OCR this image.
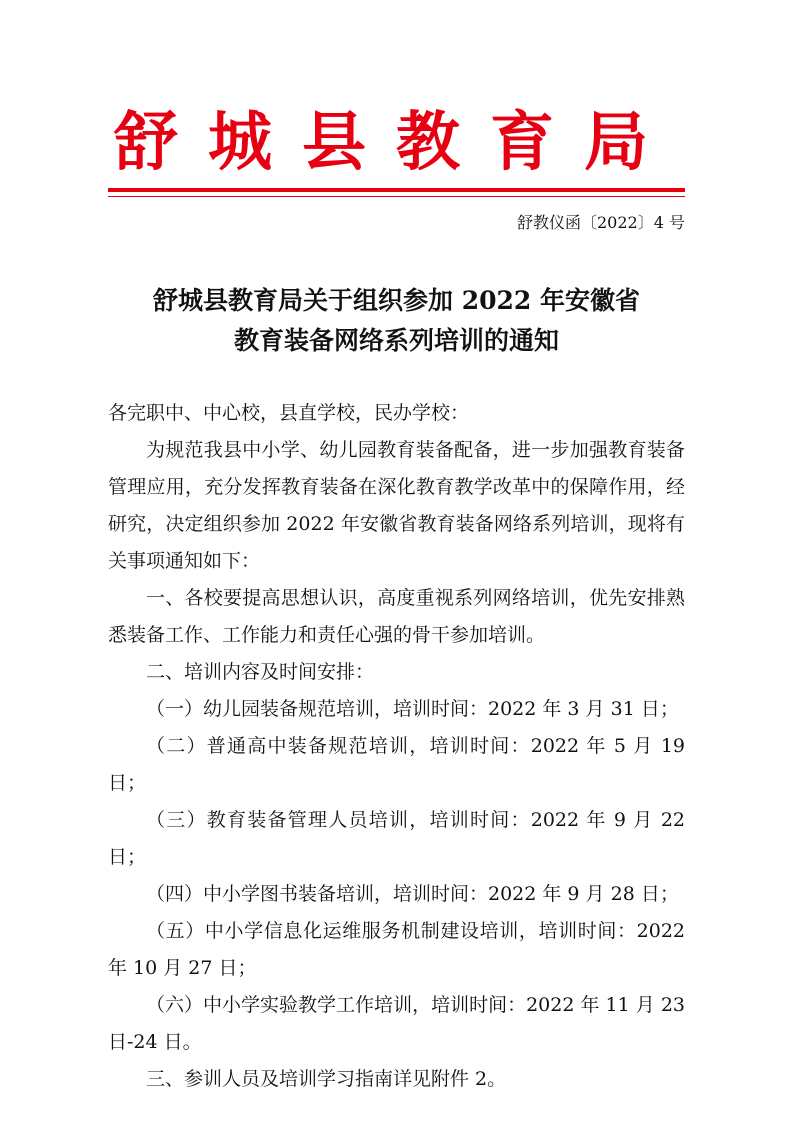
舒城县教育局
舒教仪函〔2022〕4 号
舒城县教育局关于组织参加 2022 年安徽省
教育装备网络系列培训的通知

各完职中、中心校，县直学校，民办学校：

为规范我县中小学、幼儿园教育装备配备，进一步加强教育装备管理应用，充分发挥教育装备在深化教育教学改革中的保障作用，经研究，决定组织参加 2022 年安徽省教育装备网络系列培训，现将有关事项通知如下：

一、各校要提高思想认识，高度重视系列网络培训，优先安排熟悉装备工作、工作能力和责任心强的骨干参加培训。

二、培训内容及时间安排：

（一）幼儿园装备规范培训，培训时间：2022 年 3 月 31 日；

（二）普通高中装备规范培训，培训时间：2022 年 5 月 19 日；

（三）教育装备管理人员培训，培训时间：2022 年 9 月 22 日；

（四）中小学图书装备培训，培训时间：2022 年 9 月 28 日；

（五）中小学信息化运维服务机制建设培训，培训时间：2022 年 10 月 27 日；

（六）中小学实验教学工作培训，培训时间：2022 年 11 月 23 日-24 日。

三、参训人员及培训学习指南详见附件 2。
